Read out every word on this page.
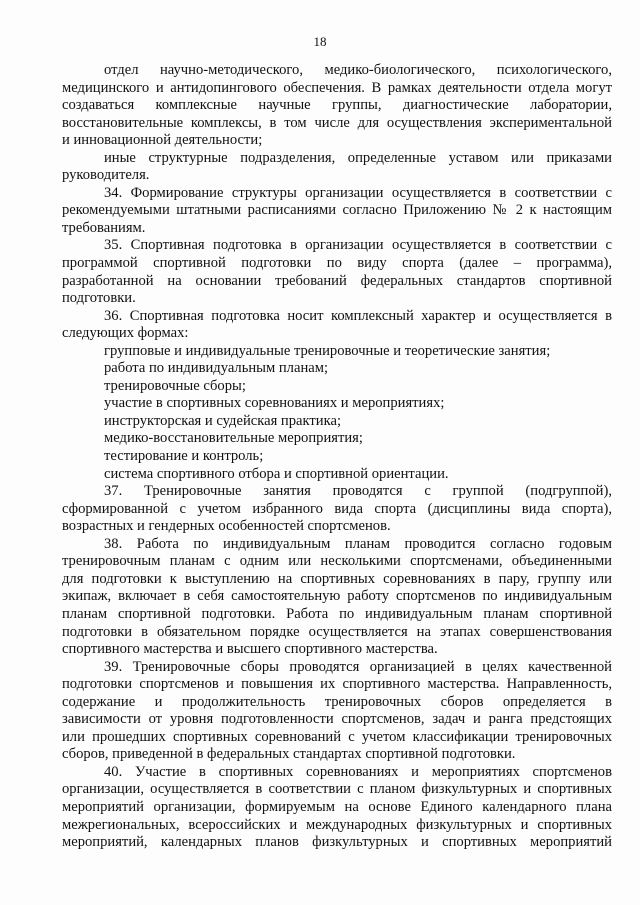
18

отдел научно-методического, медико-биологического, психологического,

медицинского и антидопингового обеспечения. В рамках деятельности отдела могут

создаваться комплексные научные группы, диагностические лаборатории,

восстановительные комплексы, в том числе для осуществления экспериментальной

и инновационной деятельности;

иные структурные подразделения, определенные уставом или приказами

руководителя.

34. Формирование структуры организации осуществляется в соответствии с

рекомендуемыми штатными расписаниями согласно Приложению № 2 к настоящим

требованиям.

35. Спортивная подготовка в организации осуществляется в соответствии с

программой спортивной подготовки по виду спорта (далее – программа),

разработанной на основании требований федеральных стандартов спортивной

подготовки.

36. Спортивная подготовка носит комплексный характер и осуществляется в

следующих формах:

групповые и индивидуальные тренировочные и теоретические занятия;

работа по индивидуальным планам;

тренировочные сборы;

участие в спортивных соревнованиях и мероприятиях;

инструкторская и судейская практика;

медико-восстановительные мероприятия;

тестирование и контроль;

система спортивного отбора и спортивной ориентации.

37. Тренировочные занятия проводятся с группой (подгруппой),

сформированной с учетом избранного вида спорта (дисциплины вида спорта),

возрастных и гендерных особенностей спортсменов.

38. Работа по индивидуальным планам проводится согласно годовым

тренировочным планам с одним или несколькими спортсменами, объединенными

для подготовки к выступлению на спортивных соревнованиях в пару, группу или

экипаж, включает в себя самостоятельную работу спортсменов по индивидуальным

планам спортивной подготовки. Работа по индивидуальным планам спортивной

подготовки в обязательном порядке осуществляется на этапах совершенствования

спортивного мастерства и высшего спортивного мастерства.

39. Тренировочные сборы проводятся организацией в целях качественной

подготовки спортсменов и повышения их спортивного мастерства. Направленность,

содержание и продолжительность тренировочных сборов определяется в

зависимости от уровня подготовленности спортсменов, задач и ранга предстоящих

или прошедших спортивных соревнований с учетом классификации тренировочных

сборов, приведенной в федеральных стандартах спортивной подготовки.

40. Участие в спортивных соревнованиях и мероприятиях спортсменов

организации, осуществляется в соответствии с планом физкультурных и спортивных

мероприятий организации, формируемым на основе Единого календарного плана

межрегиональных, всероссийских и международных физкультурных и спортивных

мероприятий, календарных планов физкультурных и спортивных мероприятий
